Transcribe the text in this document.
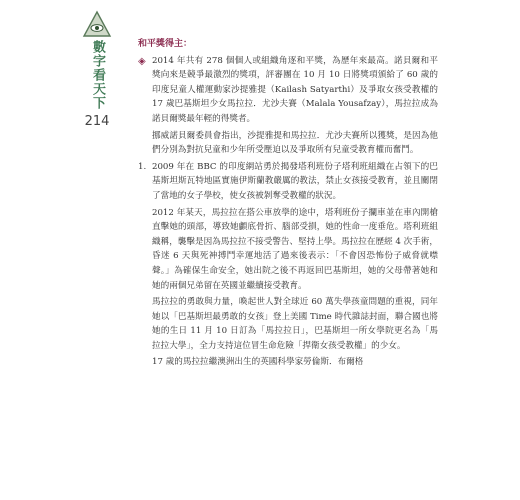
數字看天下
214
和平獎得主：
◈ 2014 年共有 278 個個人或組織角逐和平獎，為歷年來最高。諾貝爾和平獎向來是競爭最激烈的獎項，評審團在 10 月 10 日將獎項頒給了 60 歲的印度兒童人權運動家沙提雅提（Kailash Satyarthi）及爭取女孩受教權的 17 歲巴基斯坦少女馬拉拉．尤沙夫賽（Malala Yousafzay），馬拉拉成為諾貝爾獎最年輕的得獎者。
挪威諾貝爾委員會指出，沙提雅提和馬拉拉．尤沙夫賽所以獲獎，是因為他們分別為對抗兒童和少年所受壓迫以及爭取所有兒童受教育權而奮鬥。
1. 2009 年在 BBC 的印度網站勇於揭發塔利班份子塔利班組織在占領下的巴基斯坦斯瓦特地區實施伊斯蘭教嚴厲的教法，禁止女孩接受教育，並且關閉了當地的女子學校，使女孩被剝奪受教權的狀況。
2012 年某天，馬拉拉在搭公車放學的途中，塔利班份子攔車並在車內開槍直擊她的頭部，導致她顱底骨折、腦部受損，她的性命一度垂危。塔利班組織稱，襲擊是因為馬拉拉不接受警告、堅持上學。馬拉拉在歷經 4 次手術，昏迷 6 天與死神搏鬥幸運地活了過來後表示：「不會因恐怖份子威脅就噤聲。」為確保生命安全，她出院之後不再返回巴基斯坦，她的父母帶著她和她的兩個兄弟留在英國並繼續接受教育。
馬拉拉的勇敢與力量，喚起世人對全球近 60 萬失學孩童問題的重視，同年她以「巴基斯坦最勇敢的女孩」登上美國 Time 時代雜誌封面，聯合國也將她的生日 11 月 10 日訂為「馬拉拉日」，巴基斯坦一所女學院更名為「馬拉拉大學」，全力支持這位冒生命危險「捍衛女孩受教權」的少女。
17 歲的馬拉拉繼澳洲出生的英國科學家勞倫斯．布爾格
